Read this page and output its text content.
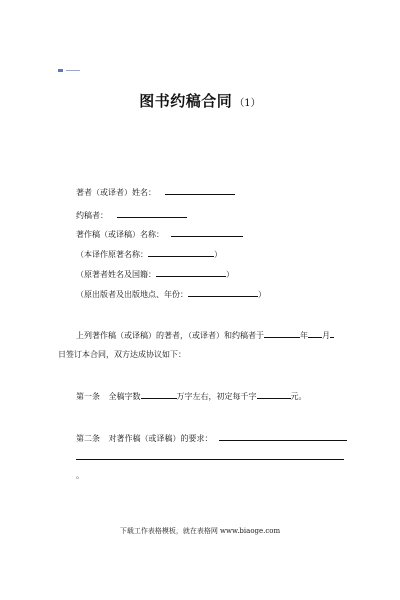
图书约稿合同 （1）
著者（或译者）姓名：
约稿者：
著作稿（或译稿）名称：
（本译作原著名称：	）
（原著者姓名及国籍：	）
（原出版者及出版地点、年份：	）
上列著作稿（或译稿）的著者，（或译者）和约稿者于	年 月
日签订本合同，双方达成协议如下：
第一条 全稿字数	万字左右，初定每千字	元。
第二条 对著作稿（或译稿）的要求：
。
下载工作表格模板，就在表格网 www.biaoge.com
